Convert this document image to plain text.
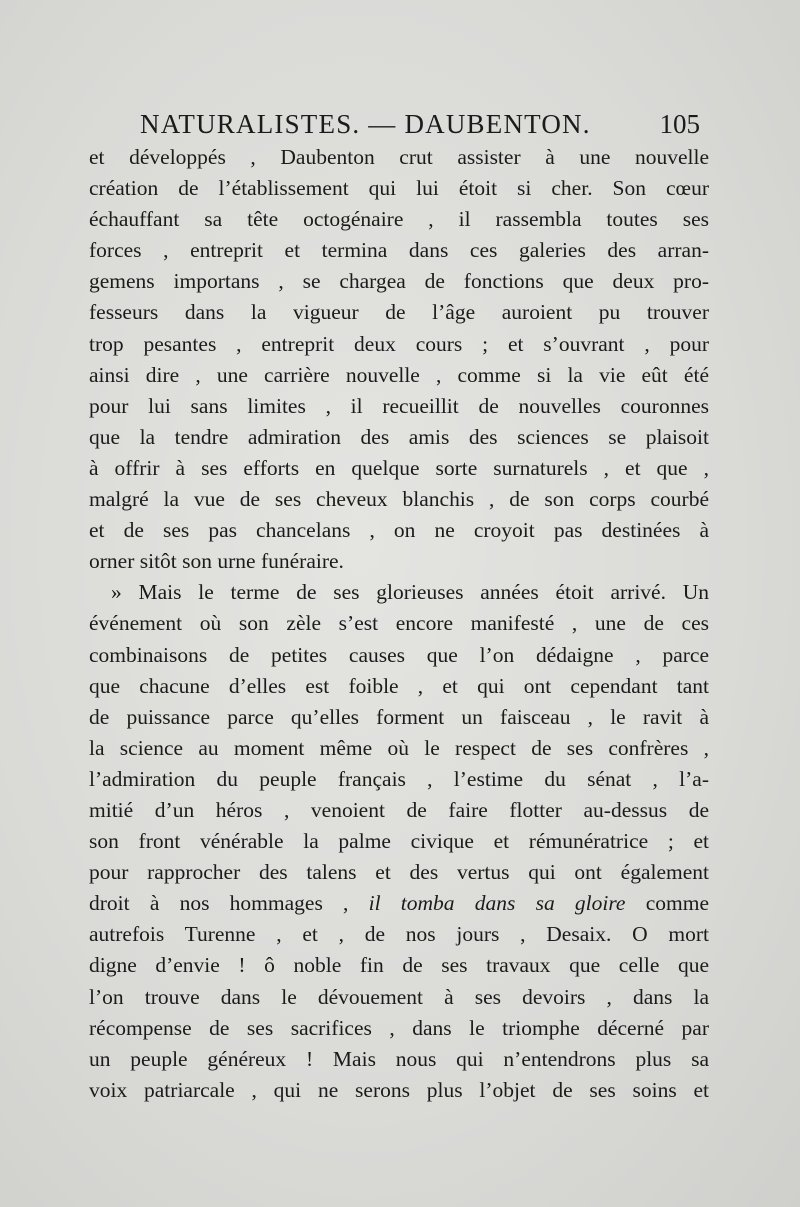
NATURALISTES. — DAUBENTON.	105
et développés , Daubenton crut assister à une nouvelle
création de l’établissement qui lui étoit si cher. Son cœur
échauffant sa tête octogénaire , il rassembla toutes ses
forces , entreprit et termina dans ces galeries des arran-
gemens importans , se chargea de fonctions que deux pro-
fesseurs dans la vigueur de l’âge auroient pu trouver
trop pesantes , entreprit deux cours ; et s’ouvrant , pour
ainsi dire , une carrière nouvelle , comme si la vie eût été
pour lui sans limites , il recueillit de nouvelles couronnes
que la tendre admiration des amis des sciences se plaisoit
à offrir à ses efforts en quelque sorte surnaturels , et que ,
malgré la vue de ses cheveux blanchis , de son corps courbé
et de ses pas chancelans , on ne croyoit pas destinées à
orner sitôt son urne funéraire.
» Mais le terme de ses glorieuses années étoit arrivé. Un
événement où son zèle s’est encore manifesté , une de ces
combinaisons de petites causes que l’on dédaigne , parce
que chacune d’elles est foible , et qui ont cependant tant
de puissance parce qu’elles forment un faisceau , le ravit à
la science au moment même où le respect de ses confrères ,
l’admiration du peuple français , l’estime du sénat , l’a-
mitié d’un héros , venoient de faire flotter au-dessus de
son front vénérable la palme civique et rémunératrice ; et
pour rapprocher des talens et des vertus qui ont également
droit à nos hommages , il tomba dans sa gloire comme
autrefois Turenne , et , de nos jours , Desaix. O mort
digne d’envie ! ô noble fin de ses travaux que celle que
l’on trouve dans le dévouement à ses devoirs , dans la
récompense de ses sacrifices , dans le triomphe décerné par
un peuple généreux ! Mais nous qui n’entendrons plus sa
voix patriarcale , qui ne serons plus l’objet de ses soins et
